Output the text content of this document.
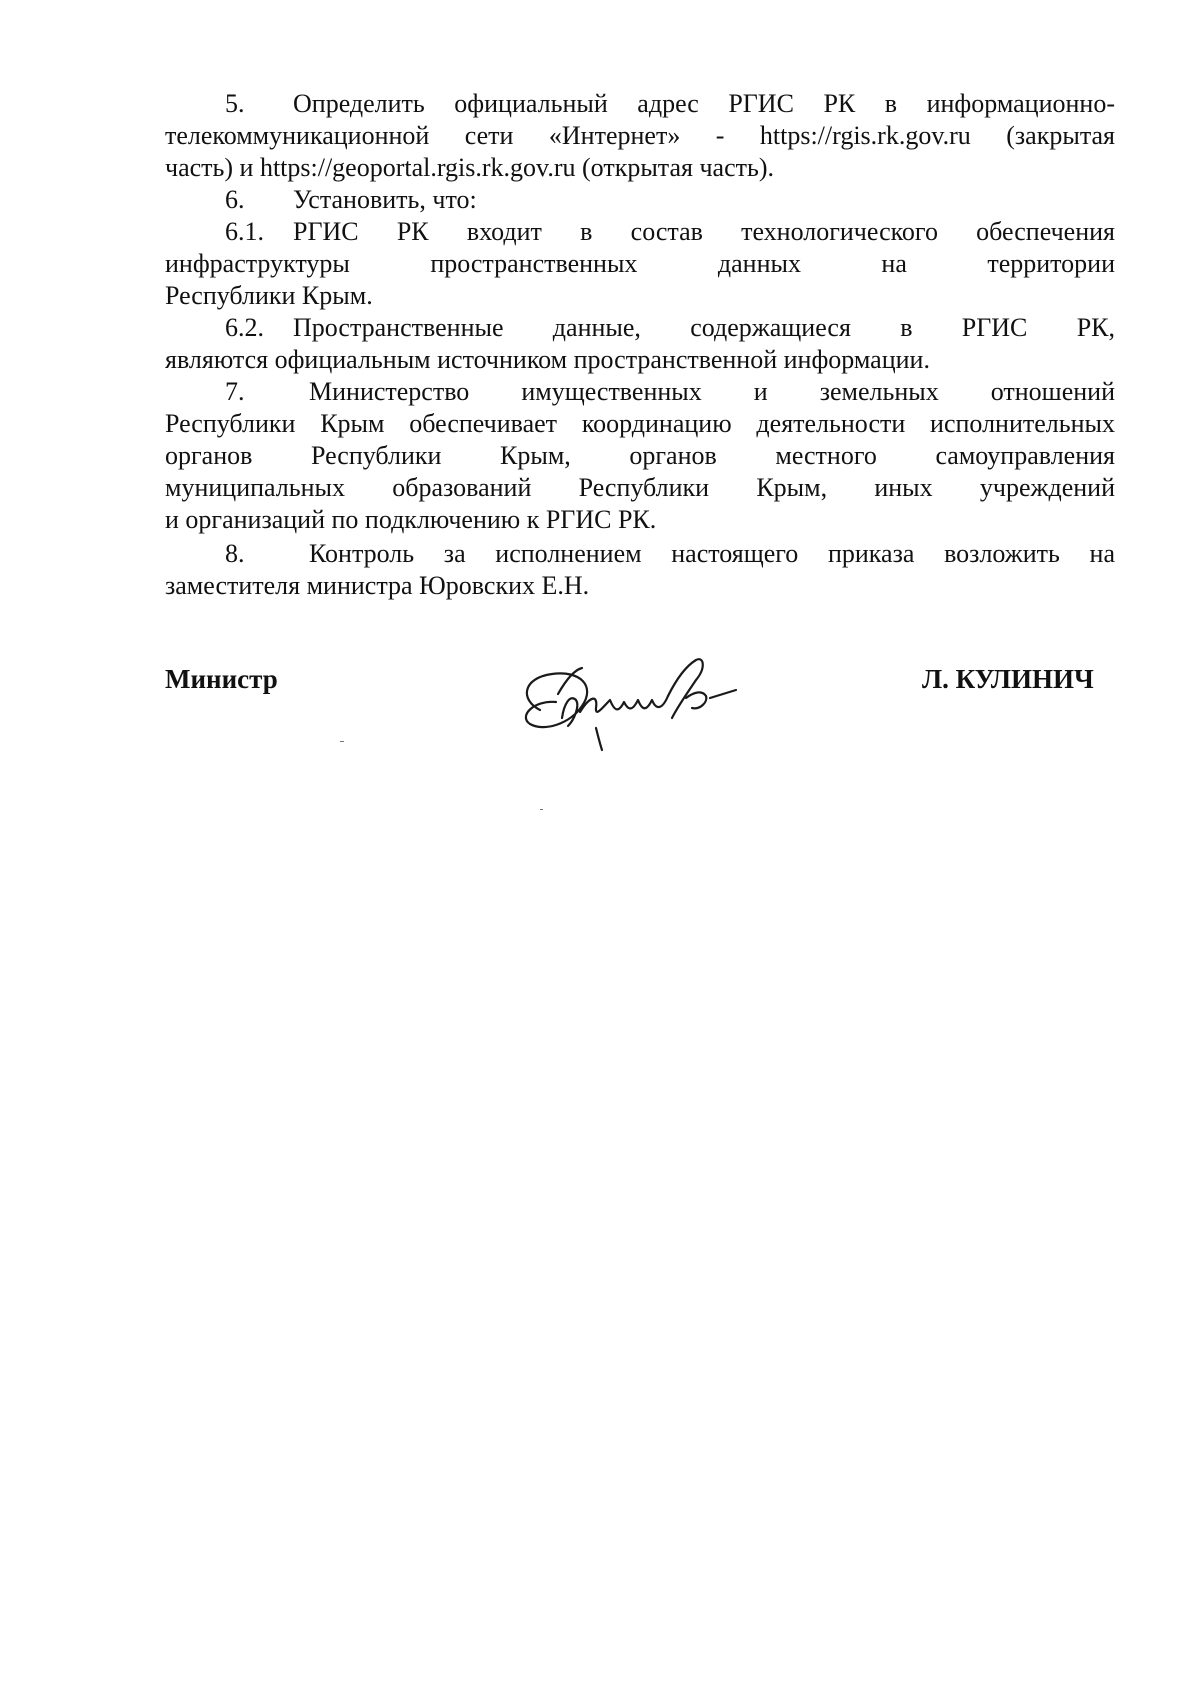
5. Определить официальный адрес РГИС РК в информационно-
телекоммуникационной сети «Интернет» - https://rgis.rk.gov.ru (закрытая
часть) и https://geoportal.rgis.rk.gov.ru (открытая часть).
6. Установить, что:
6.1. РГИС РК входит в состав технологического обеспечения
инфраструктуры пространственных данных на территории
Республики Крым.
6.2. Пространственные данные, содержащиеся в РГИС РК,
являются официальным источником пространственной информации.
7. Министерство имущественных и земельных отношений
Республики Крым обеспечивает координацию деятельности исполнительных
органов Республики Крым, органов местного самоуправления
муниципальных образований Республики Крым, иных учреждений
и организаций по подключению к РГИС РК.
8. Контроль за исполнением настоящего приказа возложить на
заместителя министра Юровских Е.Н.
Министр	Л. КУЛИНИЧ
